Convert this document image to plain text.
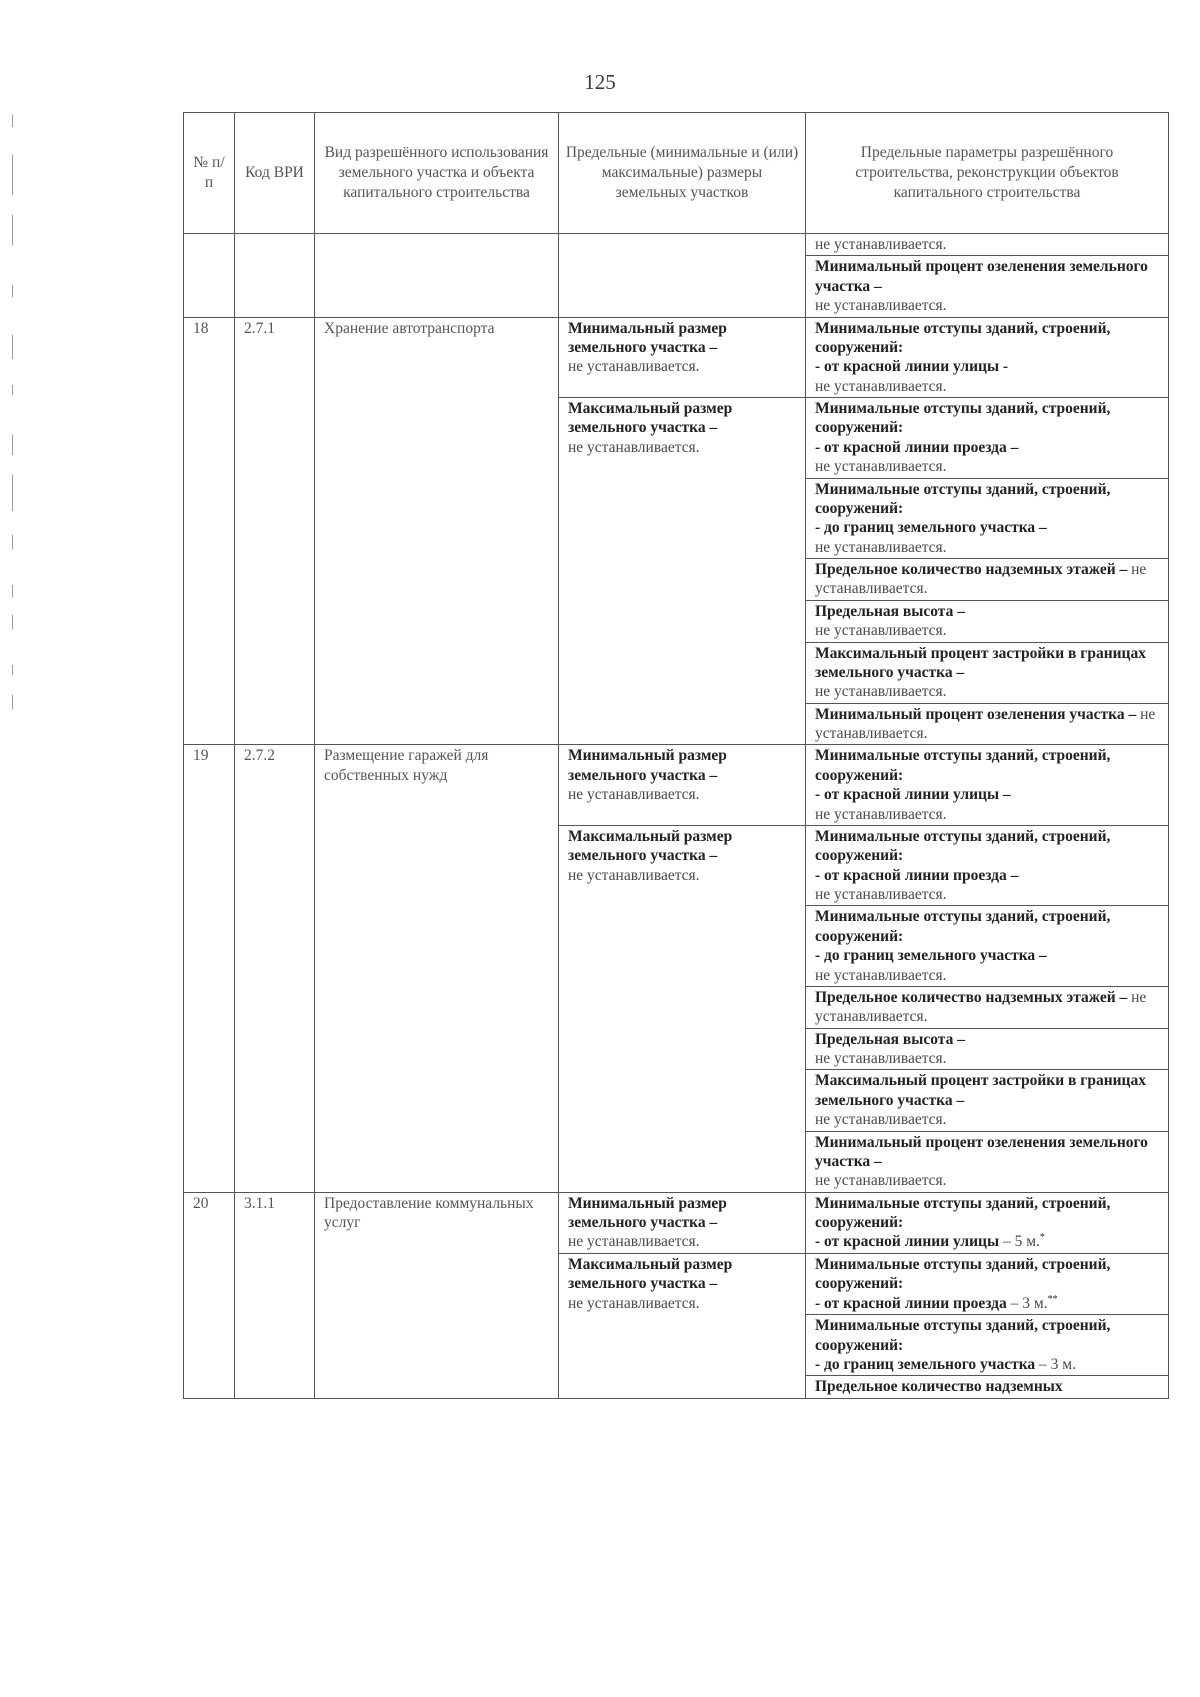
125
№ п/п	Код ВРИ	Вид разрешённого использования земельного участка и объекта капитального строительства	Предельные (минимальные и (или) максимальные) размеры земельных участков	Предельные параметры разрешённого строительства, реконструкции объектов капитального строительства
				не устанавливается.
				Минимальный процент озеленения земельного участка –
не устанавливается.
18	2.7.1	Хранение автотранспорта	Минимальный размер земельного участка –
не устанавливается.	Минимальные отступы зданий, строений, сооружений:
- от красной линии улицы -
не устанавливается.
			Максимальный размер земельного участка –
не устанавливается.	Минимальные отступы зданий, строений, сооружений:
- от красной линии проезда –
не устанавливается.
				Минимальные отступы зданий, строений, сооружений:
- до границ земельного участка –
не устанавливается.
				Предельное количество надземных этажей – не устанавливается.
				Предельная высота –
не устанавливается.
				Максимальный процент застройки в границах земельного участка –
не устанавливается.
				Минимальный процент озеленения участка – не устанавливается.
19	2.7.2	Размещение гаражей для собственных нужд	Минимальный размер земельного участка –
не устанавливается.	Минимальные отступы зданий, строений, сооружений:
- от красной линии улицы –
не устанавливается.
			Максимальный размер земельного участка –
не устанавливается.	Минимальные отступы зданий, строений, сооружений:
- от красной линии проезда –
не устанавливается.
				Минимальные отступы зданий, строений, сооружений:
- до границ земельного участка –
не устанавливается.
				Предельное количество надземных этажей – не устанавливается.
				Предельная высота –
не устанавливается.
				Максимальный процент застройки в границах земельного участка –
не устанавливается.
				Минимальный процент озеленения земельного участка –
не устанавливается.
20	3.1.1	Предоставление коммунальных услуг	Минимальный размер земельного участка –
не устанавливается.	Минимальные отступы зданий, строений, сооружений:
- от красной линии улицы – 5 м.*
			Максимальный размер земельного участка –
не устанавливается.	Минимальные отступы зданий, строений, сооружений:
- от красной линии проезда – 3 м.**
				Минимальные отступы зданий, строений, сооружений:
- до границ земельного участка – 3 м.
				Предельное количество надземных
